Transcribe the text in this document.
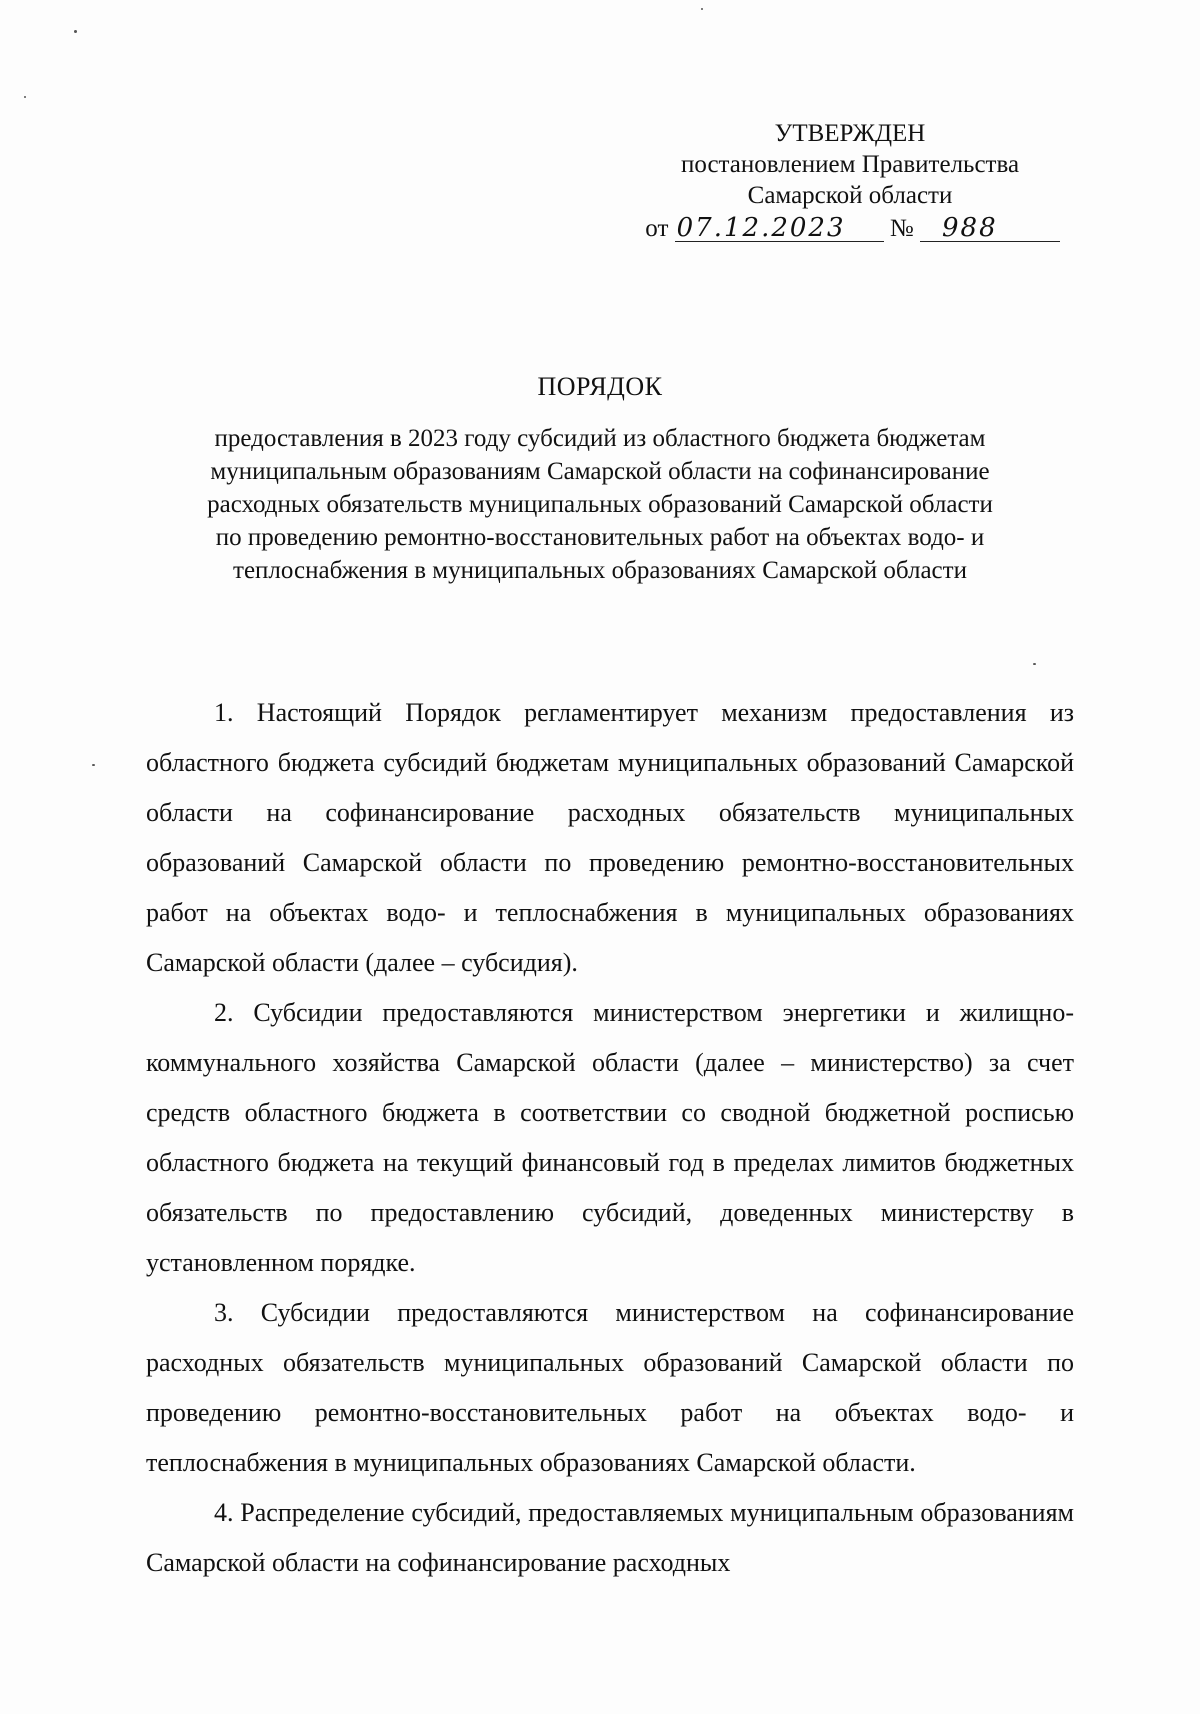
УТВЕРЖДЕН
постановлением Правительства
Самарской области
от 07.12.2023 № 988
ПОРЯДОК
предоставления в 2023 году субсидий из областного бюджета бюджетам
муниципальным образованиям Самарской области на софинансирование
расходных обязательств муниципальных образований Самарской области
по проведению ремонтно-восстановительных работ на объектах водо- и
теплоснабжения в муниципальных образованиях Самарской области

1. Настоящий Порядок регламентирует механизм предоставления из областного бюджета субсидий бюджетам муниципальных образований Самарской области на софинансирование расходных обязательств муниципальных образований Самарской области по проведению ремонтно-восстановительных работ на объектах водо- и теплоснабжения в муниципальных образованиях Самарской области (далее – субсидия).

2. Субсидии предоставляются министерством энергетики и жилищно-коммунального хозяйства Самарской области (далее – министерство) за счет средств областного бюджета в соответствии со сводной бюджетной росписью областного бюджета на текущий финансовый год в пределах лимитов бюджетных обязательств по предоставлению субсидий, доведенных министерству в установленном порядке.

3. Субсидии предоставляются министерством на софинансирование расходных обязательств муниципальных образований Самарской области по проведению ремонтно-восстановительных работ на объектах водо- и теплоснабжения в муниципальных образованиях Самарской области.

4. Распределение субсидий, предоставляемых муниципальным образованиям Самарской области на софинансирование расходных
